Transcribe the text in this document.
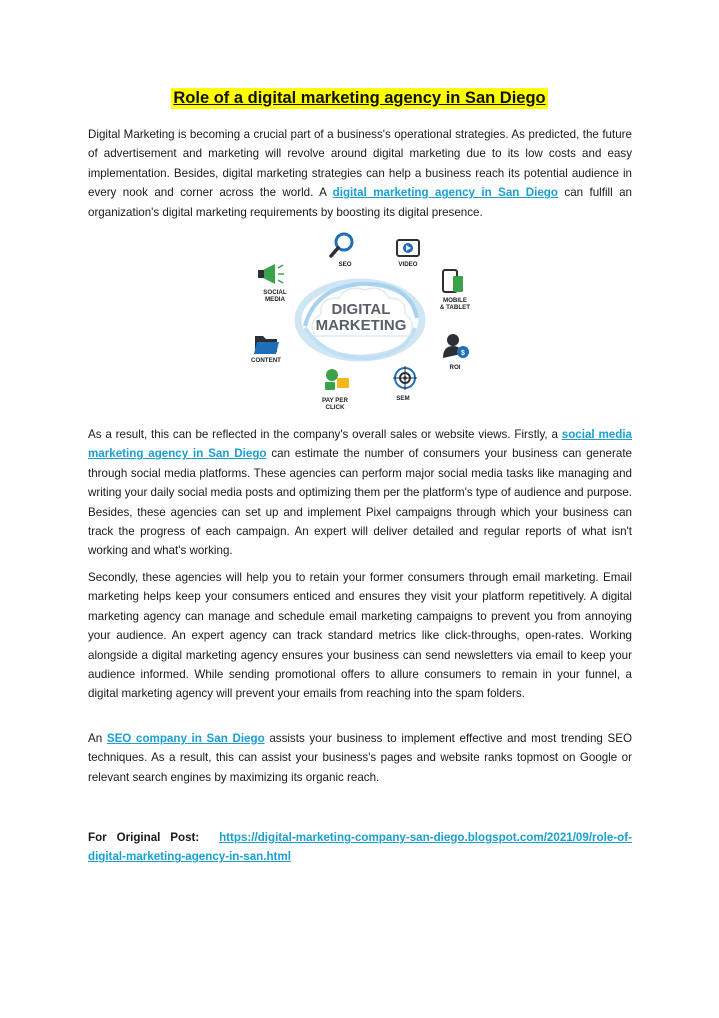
Role of a digital marketing agency in San Diego
Digital Marketing is becoming a crucial part of a business's operational strategies. As predicted, the future of advertisement and marketing will revolve around digital marketing due to its low costs and easy implementation. Besides, digital marketing strategies can help a business reach its potential audience in every nook and corner across the world. A digital marketing agency in San Diego can fulfill an organization's digital marketing requirements by boosting its digital presence.
DIGITAL
MARKETING
SEO	VIDEO
MOBILE
& TABLET
$
ROI
SEM
PAY PER
CLICK
CONTENT
SOCIAL
MEDIA
As a result, this can be reflected in the company's overall sales or website views. Firstly, a social media marketing agency in San Diego can estimate the number of consumers your business can generate through social media platforms. These agencies can perform major social media tasks like managing and writing your daily social media posts and optimizing them per the platform's type of audience and purpose. Besides, these agencies can set up and implement Pixel campaigns through which your business can track the progress of each campaign. An expert will deliver detailed and regular reports of what isn't working and what's working.
Secondly, these agencies will help you to retain your former consumers through email marketing. Email marketing helps keep your consumers enticed and ensures they visit your platform repetitively. A digital marketing agency can manage and schedule email marketing campaigns to prevent you from annoying your audience. An expert agency can track standard metrics like click-throughs, open-rates. Working alongside a digital marketing agency ensures your business can send newsletters via email to keep your audience informed. While sending promotional offers to allure consumers to remain in your funnel, a digital marketing agency will prevent your emails from reaching into the spam folders.
An SEO company in San Diego assists your business to implement effective and most trending SEO techniques. As a result, this can assist your business's pages and website ranks topmost on Google or relevant search engines by maximizing its organic reach.
For Original Post: https://digital-marketing-company-san-diego.blogspot.com/2021/09/role-of-digital-marketing-agency-in-san.html
